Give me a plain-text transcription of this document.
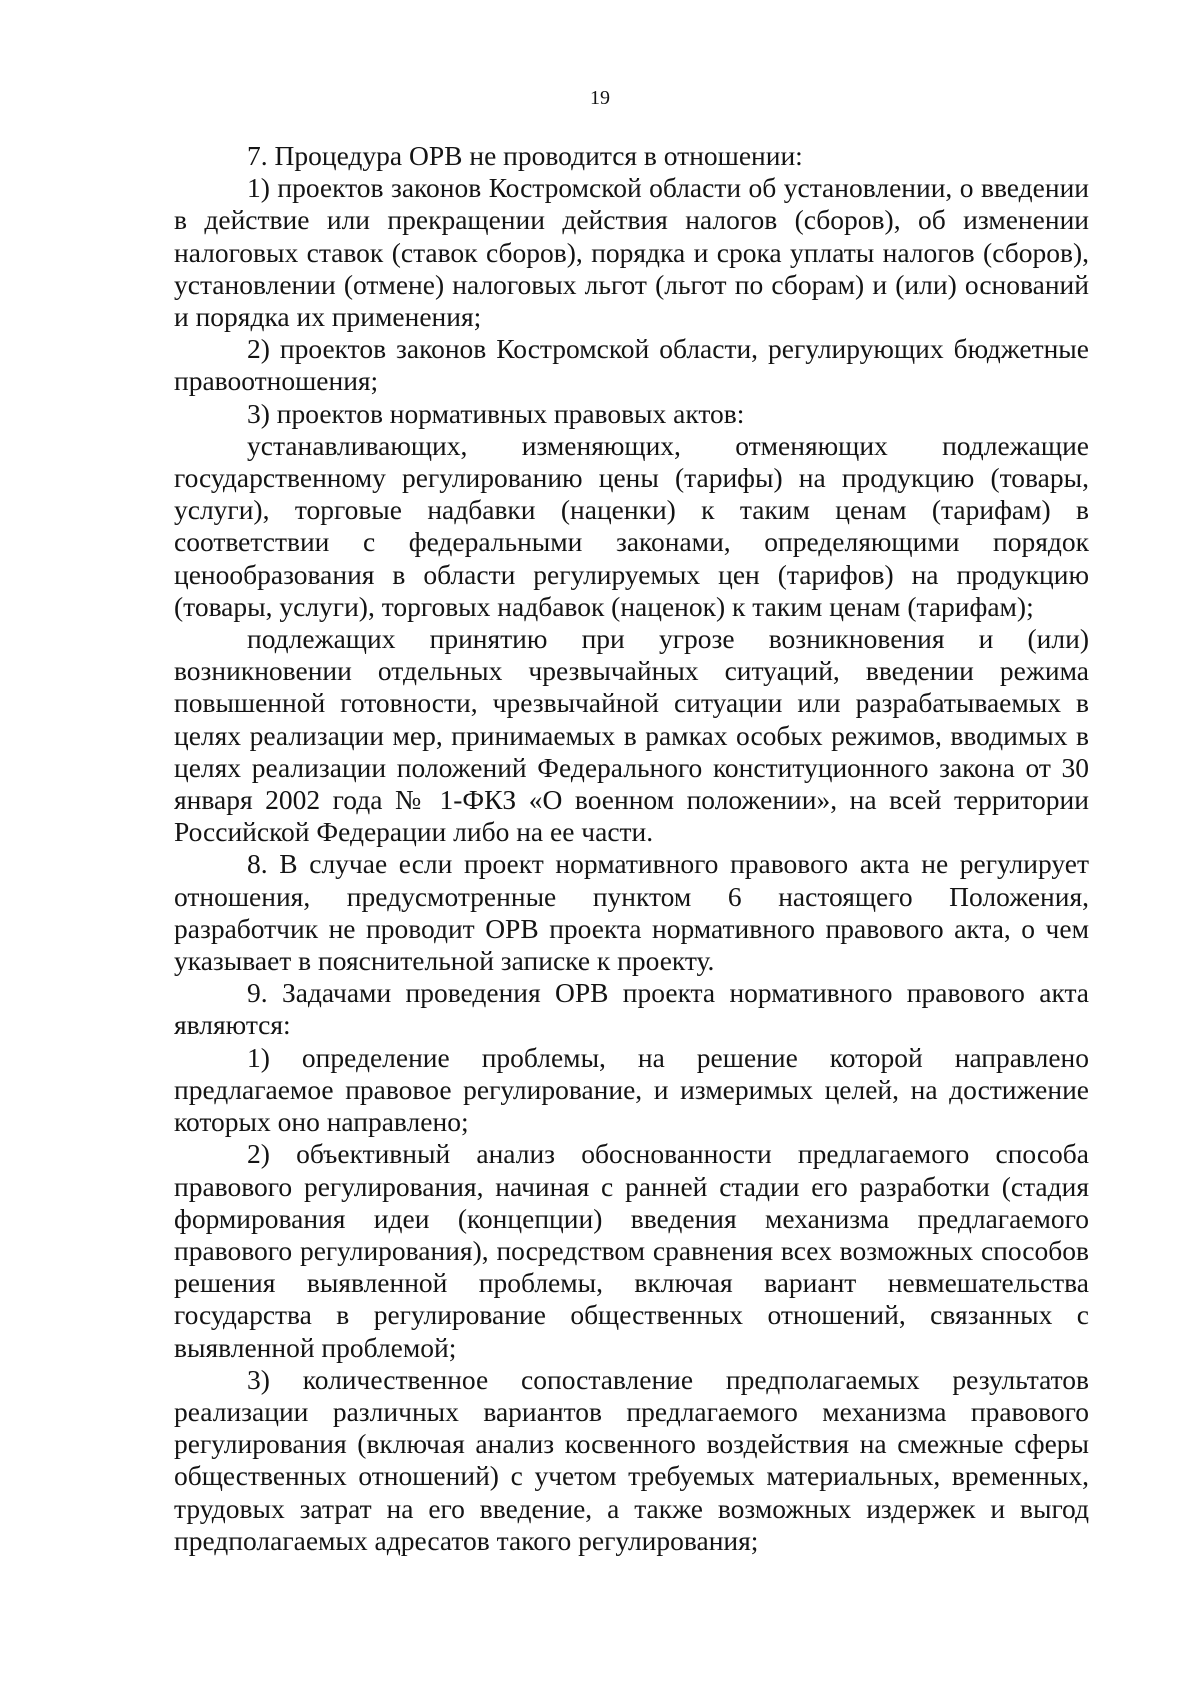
19

7. Процедура ОРВ не проводится в отношении:

1) проектов законов Костромской области об установлении, о введении в действие или прекращении действия налогов (сборов), об изменении налоговых ставок (ставок сборов), порядка и срока уплаты налогов (сборов), установлении (отмене) налоговых льгот (льгот по сборам) и (или) оснований и порядка их применения;

2) проектов законов Костромской области, регулирующих бюджетные правоотношения;

3) проектов нормативных правовых актов:

устанавливающих, изменяющих, отменяющих подлежащие государственному регулированию цены (тарифы) на продукцию (товары, услуги), торговые надбавки (наценки) к таким ценам (тарифам) в соответствии с федеральными законами, определяющими порядок ценообразования в области регулируемых цен (тарифов) на продукцию (товары, услуги), торговых надбавок (наценок) к таким ценам (тарифам);

подлежащих принятию при угрозе возникновения и (или) возникновении отдельных чрезвычайных ситуаций, введении режима повышенной готовности, чрезвычайной ситуации или разрабатываемых в целях реализации мер, принимаемых в рамках особых режимов, вводимых в целях реализации положений Федерального конституционного закона от 30 января 2002 года № 1-ФКЗ «О военном положении», на всей территории Российской Федерации либо на ее части.

8. В случае если проект нормативного правового акта не регулирует отношения, предусмотренные пунктом 6 настоящего Положения, разработчик не проводит ОРВ проекта нормативного правового акта, о чем указывает в пояснительной записке к проекту.

9. Задачами проведения ОРВ проекта нормативного правового акта являются:

1) определение проблемы, на решение которой направлено предлагаемое правовое регулирование, и измеримых целей, на достижение которых оно направлено;

2) объективный анализ обоснованности предлагаемого способа правового регулирования, начиная с ранней стадии его разработки (стадия формирования идеи (концепции) введения механизма предлагаемого правового регулирования), посредством сравнения всех возможных способов решения выявленной проблемы, включая вариант невмешательства государства в регулирование общественных отношений, связанных с выявленной проблемой;

3) количественное сопоставление предполагаемых результатов реализации различных вариантов предлагаемого механизма правового регулирования (включая анализ косвенного воздействия на смежные сферы общественных отношений) с учетом требуемых материальных, временных, трудовых затрат на его введение, а также возможных издержек и выгод предполагаемых адресатов такого регулирования;
